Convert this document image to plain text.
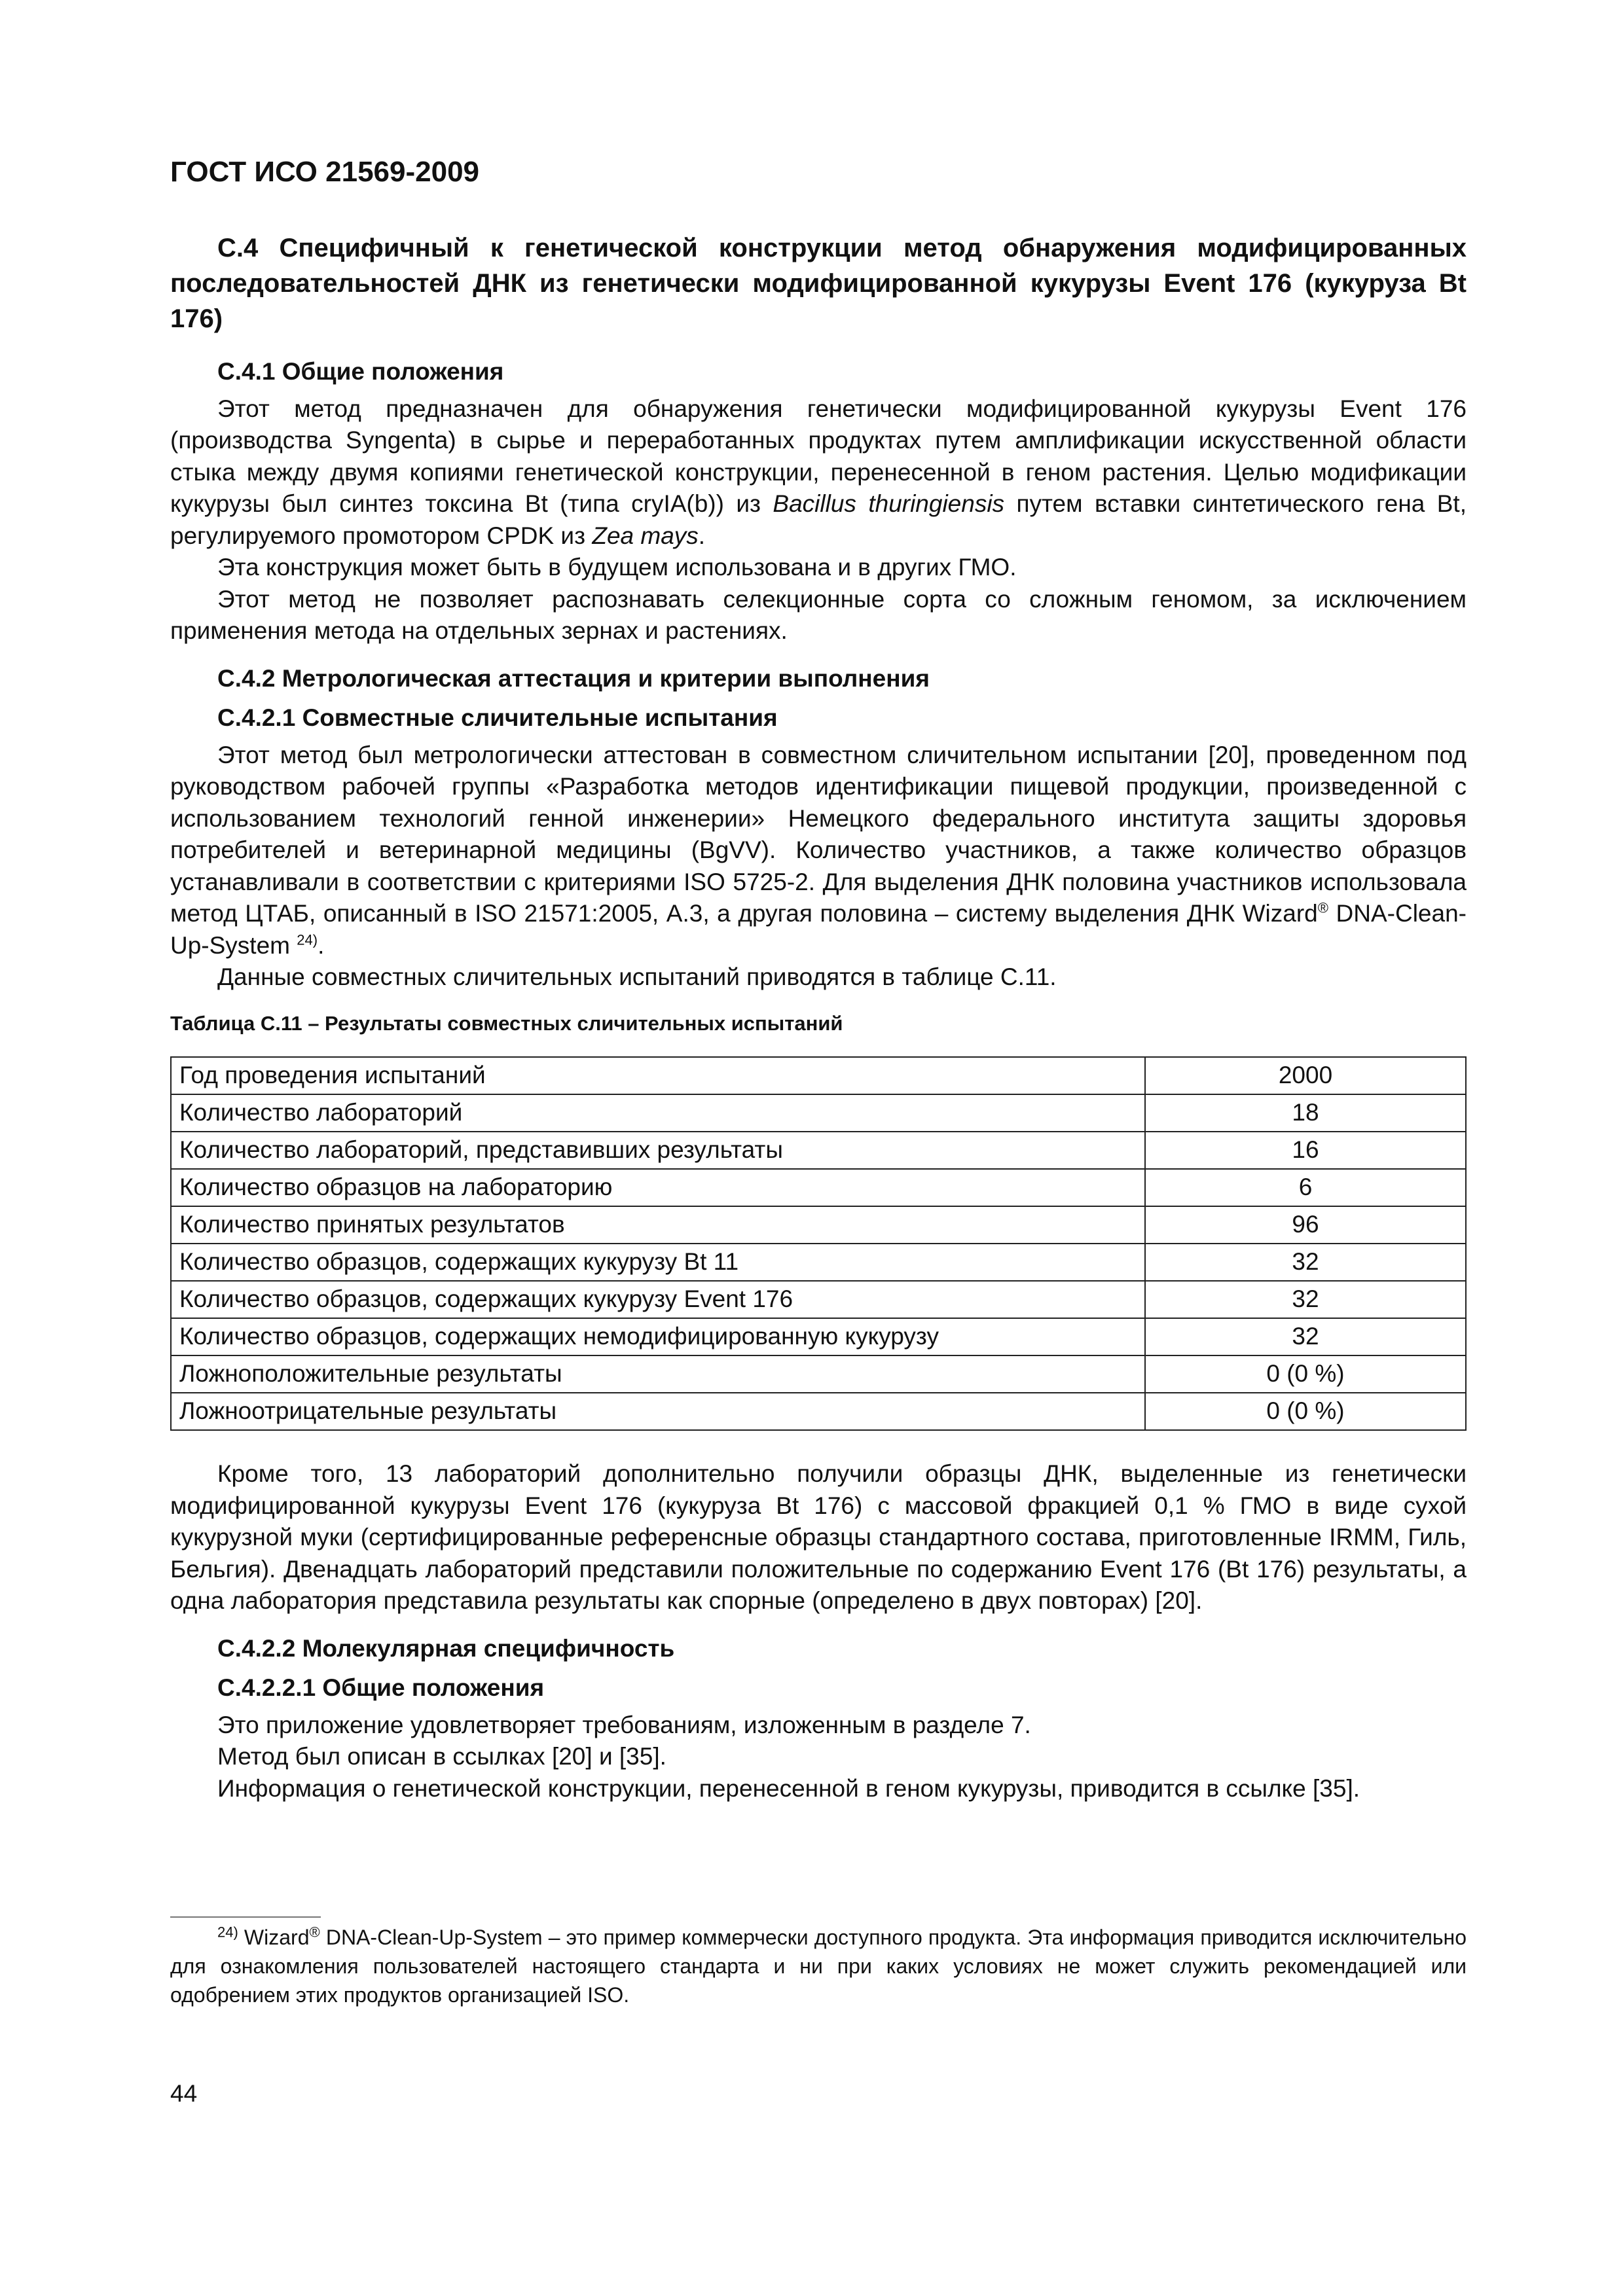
ГОСТ ИСО 21569-2009
С.4 Специфичный к генетической конструкции метод обнаружения модифицированных последовательностей ДНК из генетически модифицированной кукурузы Event 176 (кукуруза Bt 176)
С.4.1 Общие положения

Этот метод предназначен для обнаружения генетически модифицированной кукурузы Event 176 (производства Syngenta) в сырье и переработанных продуктах путем амплификации искусственной области стыка между двумя копиями генетической конструкции, перенесенной в геном растения. Целью модификации кукурузы был синтез токсина Bt (типа cryIA(b)) из Bacillus thuringiensis путем вставки синтетического гена Bt, регулируемого промотором CPDK из Zea mays.

Эта конструкция может быть в будущем использована и в других ГМО.

Этот метод не позволяет распознавать селекционные сорта со сложным геномом, за исключением применения метода на отдельных зернах и растениях.

С.4.2 Метрологическая аттестация и критерии выполнения
С.4.2.1 Совместные сличительные испытания

Этот метод был метрологически аттестован в совместном сличительном испытании [20], проведенном под руководством рабочей группы «Разработка методов идентификации пищевой продукции, произведенной с использованием технологий генной инженерии» Немецкого федерального института защиты здоровья потребителей и ветеринарной медицины (BgVV). Количество участников, а также количество образцов устанавливали в соответствии с критериями ISO 5725-2. Для выделения ДНК половина участников использовала метод ЦТАБ, описанный в ISO 21571:2005, А.3, а другая половина – систему выделения ДНК Wizard® DNA-Clean-Up-System $^{24)}$.

Данные совместных сличительных испытаний приводятся в таблице С.11.

Таблица С.11 – Результаты совместных сличительных испытаний

Год проведения испытаний	2000
Количество лабораторий	18
Количество лабораторий, представивших результаты	16
Количество образцов на лабораторию	6
Количество принятых результатов	96
Количество образцов, содержащих кукурузу Bt 11	32
Количество образцов, содержащих кукурузу Event 176	32
Количество образцов, содержащих немодифицированную кукурузу	32
Ложноположительные результаты	0 (0 %)
Ложноотрицательные результаты	0 (0 %)

Кроме того, 13 лабораторий дополнительно получили образцы ДНК, выделенные из генетически модифицированной кукурузы Event 176 (кукуруза Bt 176) с массовой фракцией 0,1 % ГМО в виде сухой кукурузной муки (сертифицированные референсные образцы стандартного состава, приготовленные IRMM, Гиль, Бельгия). Двенадцать лабораторий представили положительные по содержанию Event 176 (Bt 176) результаты, а одна лаборатория представила результаты как спорные (определено в двух повторах) [20].

С.4.2.2 Молекулярная специфичность
С.4.2.2.1 Общие положения

Это приложение удовлетворяет требованиям, изложенным в разделе 7.

Метод был описан в ссылках [20] и [35].

Информация о генетической конструкции, перенесенной в геном кукурузы, приводится в ссылке [35].

$^{24)}$ Wizard® DNA-Clean-Up-System – это пример коммерчески доступного продукта. Эта информация приводится исключительно для ознакомления пользователей настоящего стандарта и ни при каких условиях не может служить рекомендацией или одобрением этих продуктов организацией ISO.

44
